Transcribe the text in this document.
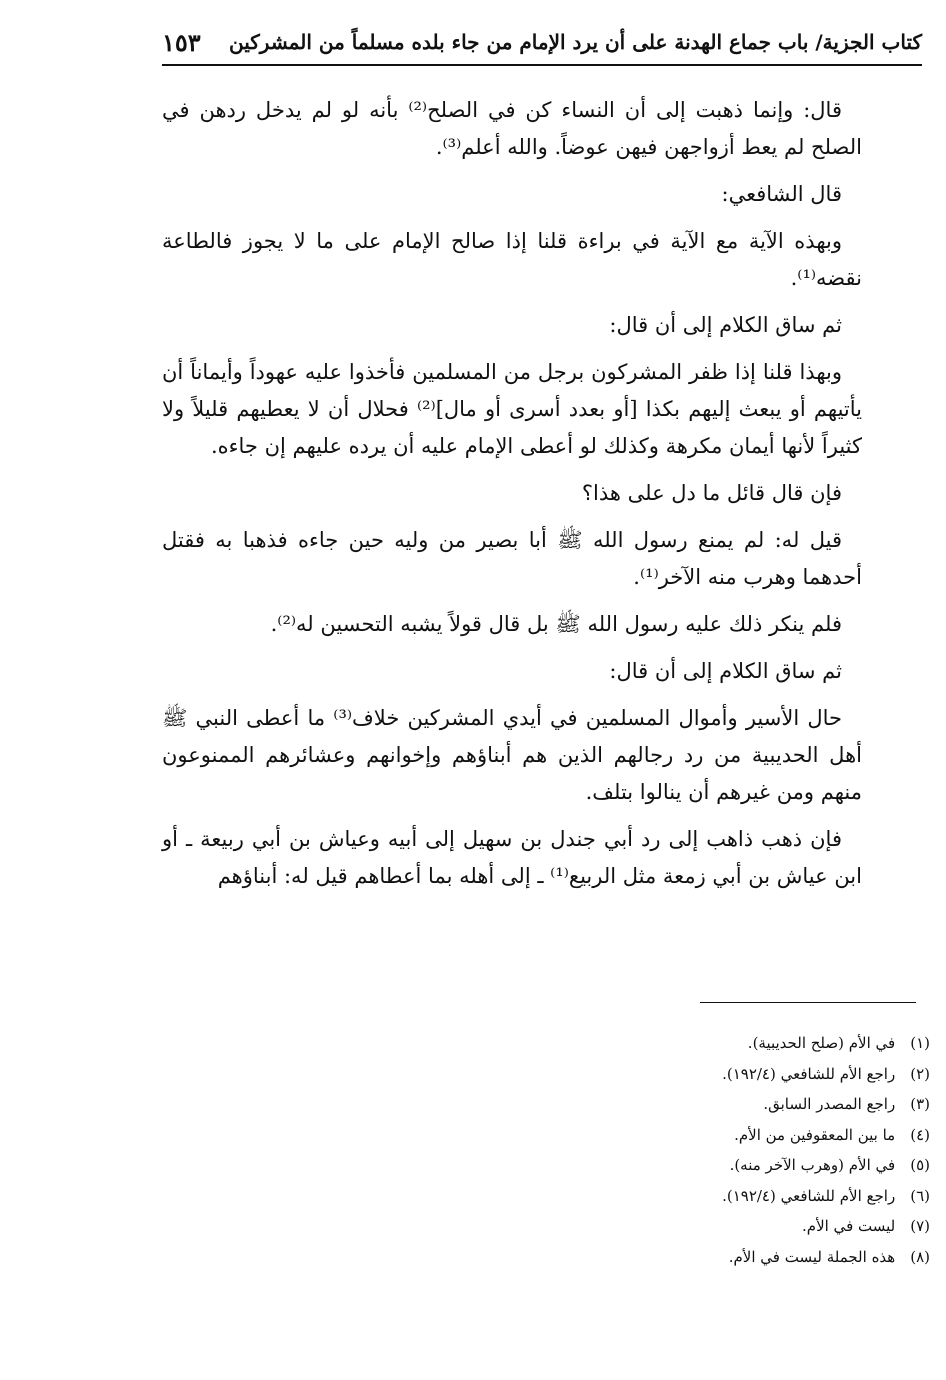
كتاب الجزية/ باب جماع الهدنة على أن يرد الإمام من جاء بلده مسلماً من المشركين
١٥٣

قال: وإنما ذهبت إلى أن النساء كن في الصلح⁽²⁾ بأنه لو لم يدخل ردهن في الصلح لم يعط أزواجهن فيهن عوضاً. والله أعلم⁽³⁾.

قال الشافعي:

وبهذه الآية مع الآية في براءة قلنا إذا صالح الإمام على ما لا يجوز فالطاعة نقضه⁽¹⁾.

ثم ساق الكلام إلى أن قال:

وبهذا قلنا إذا ظفر المشركون برجل من المسلمين فأخذوا عليه عهوداً وأيماناً أن يأتيهم أو يبعث إليهم بكذا [أو بعدد أسرى أو مال]⁽²⁾ فحلال أن لا يعطيهم قليلاً ولا كثيراً لأنها أيمان مكرهة وكذلك لو أعطى الإمام عليه أن يرده عليهم إن جاءه.

فإن قال قائل ما دل على هذا؟

قيل له: لم يمنع رسول الله ﷺ أبا بصير من وليه حين جاءه فذهبا به فقتل أحدهما وهرب منه الآخر⁽¹⁾.

فلم ينكر ذلك عليه رسول الله ﷺ بل قال قولاً يشبه التحسين له⁽²⁾.

ثم ساق الكلام إلى أن قال:

حال الأسير وأموال المسلمين في أيدي المشركين خلاف⁽³⁾ ما أعطى النبي ﷺ أهل الحديبية من رد رجالهم الذين هم أبناؤهم وإخوانهم وعشائرهم الممنوعون منهم ومن غيرهم أن ينالوا بتلف.

فإن ذهب ذاهب إلى رد أبي جندل بن سهيل إلى أبيه وعياش بن أبي ربيعة ـ أو ابن عياش بن أبي زمعة مثل الربيع⁽¹⁾ ـ إلى أهله بما أعطاهم قيل له: أبناؤهم

(١) في الأم (صلح الحديبية).
(٢) راجع الأم للشافعي (١٩٢/٤).
(٣) راجع المصدر السابق.
(٤) ما بين المعقوفين من الأم.
(٥) في الأم (وهرب الآخر منه).
(٦) راجع الأم للشافعي (١٩٢/٤).
(٧) ليست في الأم.
(٨) هذه الجملة ليست في الأم.
